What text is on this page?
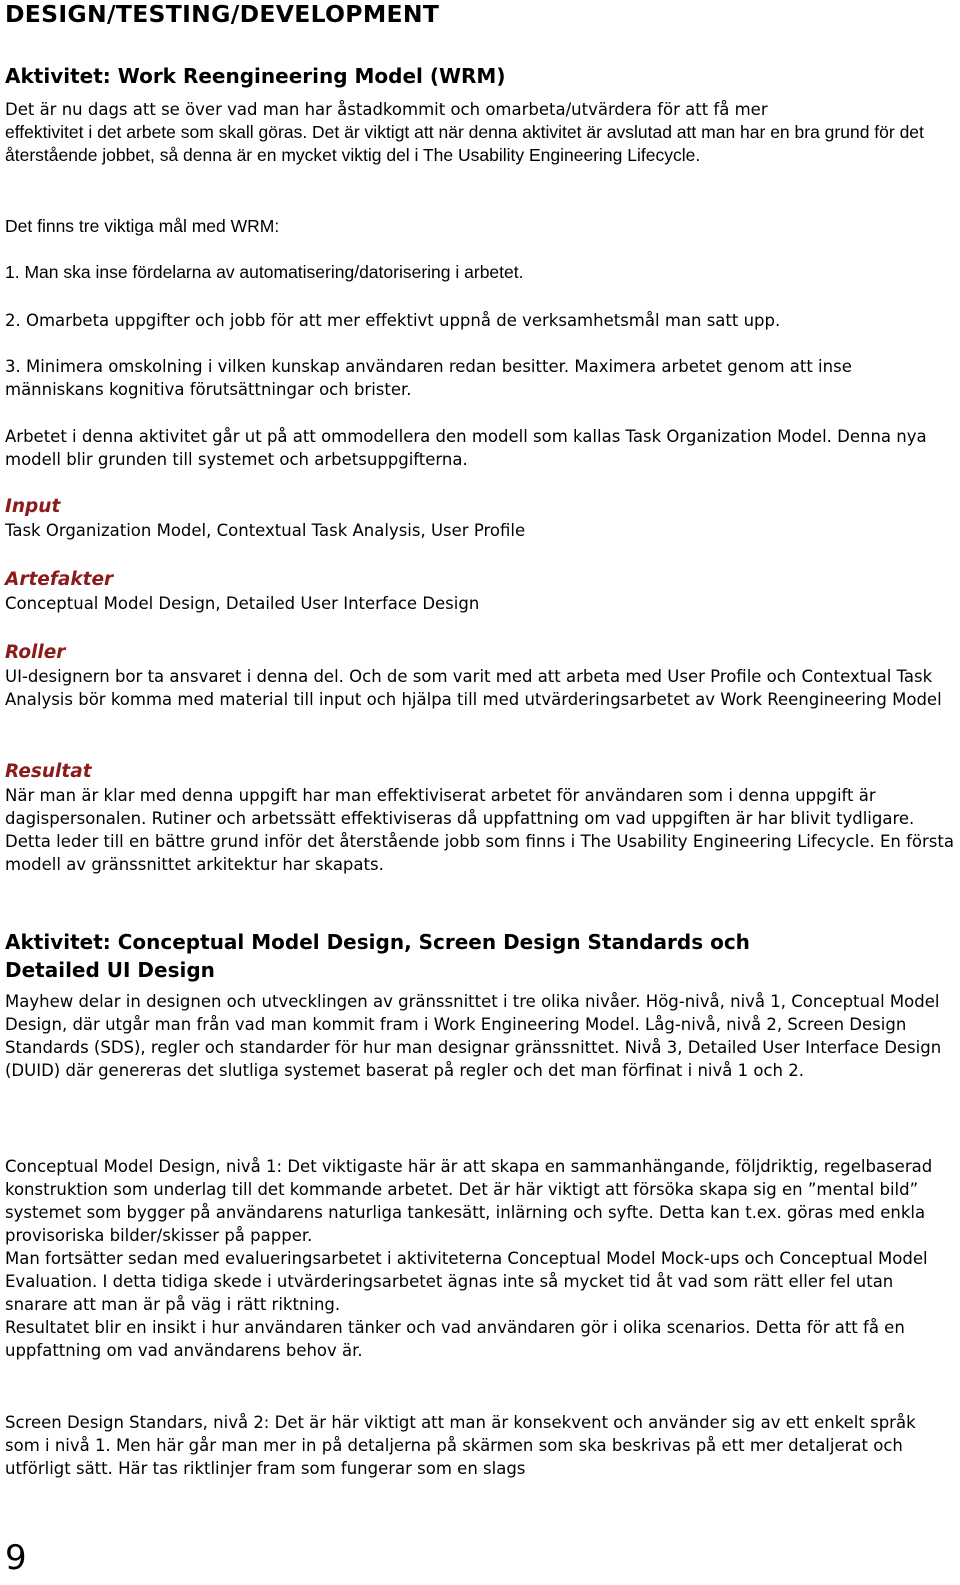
DESIGN/TESTING/DEVELOPMENT
Aktivitet: Work Reengineering Model (WRM)

Det är nu dags att se över vad man har åstadkommit och omarbeta/utvärdera för att få mer

effektivitet i det arbete som skall göras. Det är viktigt att när denna aktivitet är avslutad att man har en bra grund för det återstående jobbet, så denna är en mycket viktig del i The Usability Engineering Lifecycle.

Det finns tre viktiga mål med WRM:

1. Man ska inse fördelarna av automatisering/datorisering i arbetet.

2. Omarbeta uppgifter och jobb för att mer effektivt uppnå de verksamhetsmål man satt upp.

3. Minimera omskolning i vilken kunskap användaren redan besitter. Maximera arbetet genom att inse människans kognitiva förutsättningar och brister.

Arbetet i denna aktivitet går ut på att ommodellera den modell som kallas Task Organization Model. Denna nya modell blir grunden till systemet och arbetsuppgifterna.

Input

Task Organization Model, Contextual Task Analysis, User Profile

Artefakter

Conceptual Model Design, Detailed User Interface Design

Roller

UI-designern bor ta ansvaret i denna del. Och de som varit med att arbeta med User Profile och Contextual Task Analysis bör komma med material till input och hjälpa till med utvärderingsarbetet av Work Reengineering Model

Resultat

När man är klar med denna uppgift har man effektiviserat arbetet för användaren som i denna uppgift är dagispersonalen. Rutiner och arbetssätt effektiviseras då uppfattning om vad uppgiften är har blivit tydligare. Detta leder till en bättre grund inför det återstående jobb som finns i The Usability Engineering Lifecycle. En första modell av gränssnittet arkitektur har skapats.

Aktivitet: Conceptual Model Design, Screen Design Standards och
Detailed UI Design

Mayhew delar in designen och utvecklingen av gränssnittet i tre olika nivåer. Hög-nivå, nivå 1, Conceptual Model Design, där utgår man från vad man kommit fram i Work Engineering Model. Låg-nivå, nivå 2, Screen Design Standards (SDS), regler och standarder för hur man designar gränssnittet. Nivå 3, Detailed User Interface Design (DUID) där genereras det slutliga systemet baserat på regler och det man förfinat i nivå 1 och 2.

Conceptual Model Design, nivå 1: Det viktigaste här är att skapa en sammanhängande, följdriktig, regelbaserad konstruktion som underlag till det kommande arbetet. Det är här viktigt att försöka skapa sig en ”mental bild” systemet som bygger på användarens naturliga tankesätt, inlärning och syfte. Detta kan t.ex. göras med enkla provisoriska bilder/skisser på papper.

Man fortsätter sedan med evalueringsarbetet i aktiviteterna Conceptual Model Mock-ups och Conceptual Model Evaluation. I detta tidiga skede i utvärderingsarbetet ägnas inte så mycket tid åt vad som rätt eller fel utan snarare att man är på väg i rätt riktning.

Resultatet blir en insikt i hur användaren tänker och vad användaren gör i olika scenarios. Detta för att få en uppfattning om vad användarens behov är.

Screen Design Standars, nivå 2: Det är här viktigt att man är konsekvent och använder sig av ett enkelt språk som i nivå 1. Men här går man mer in på detaljerna på skärmen som ska beskrivas på ett mer detaljerat och utförligt sätt. Här tas riktlinjer fram som fungerar som en slags

9
